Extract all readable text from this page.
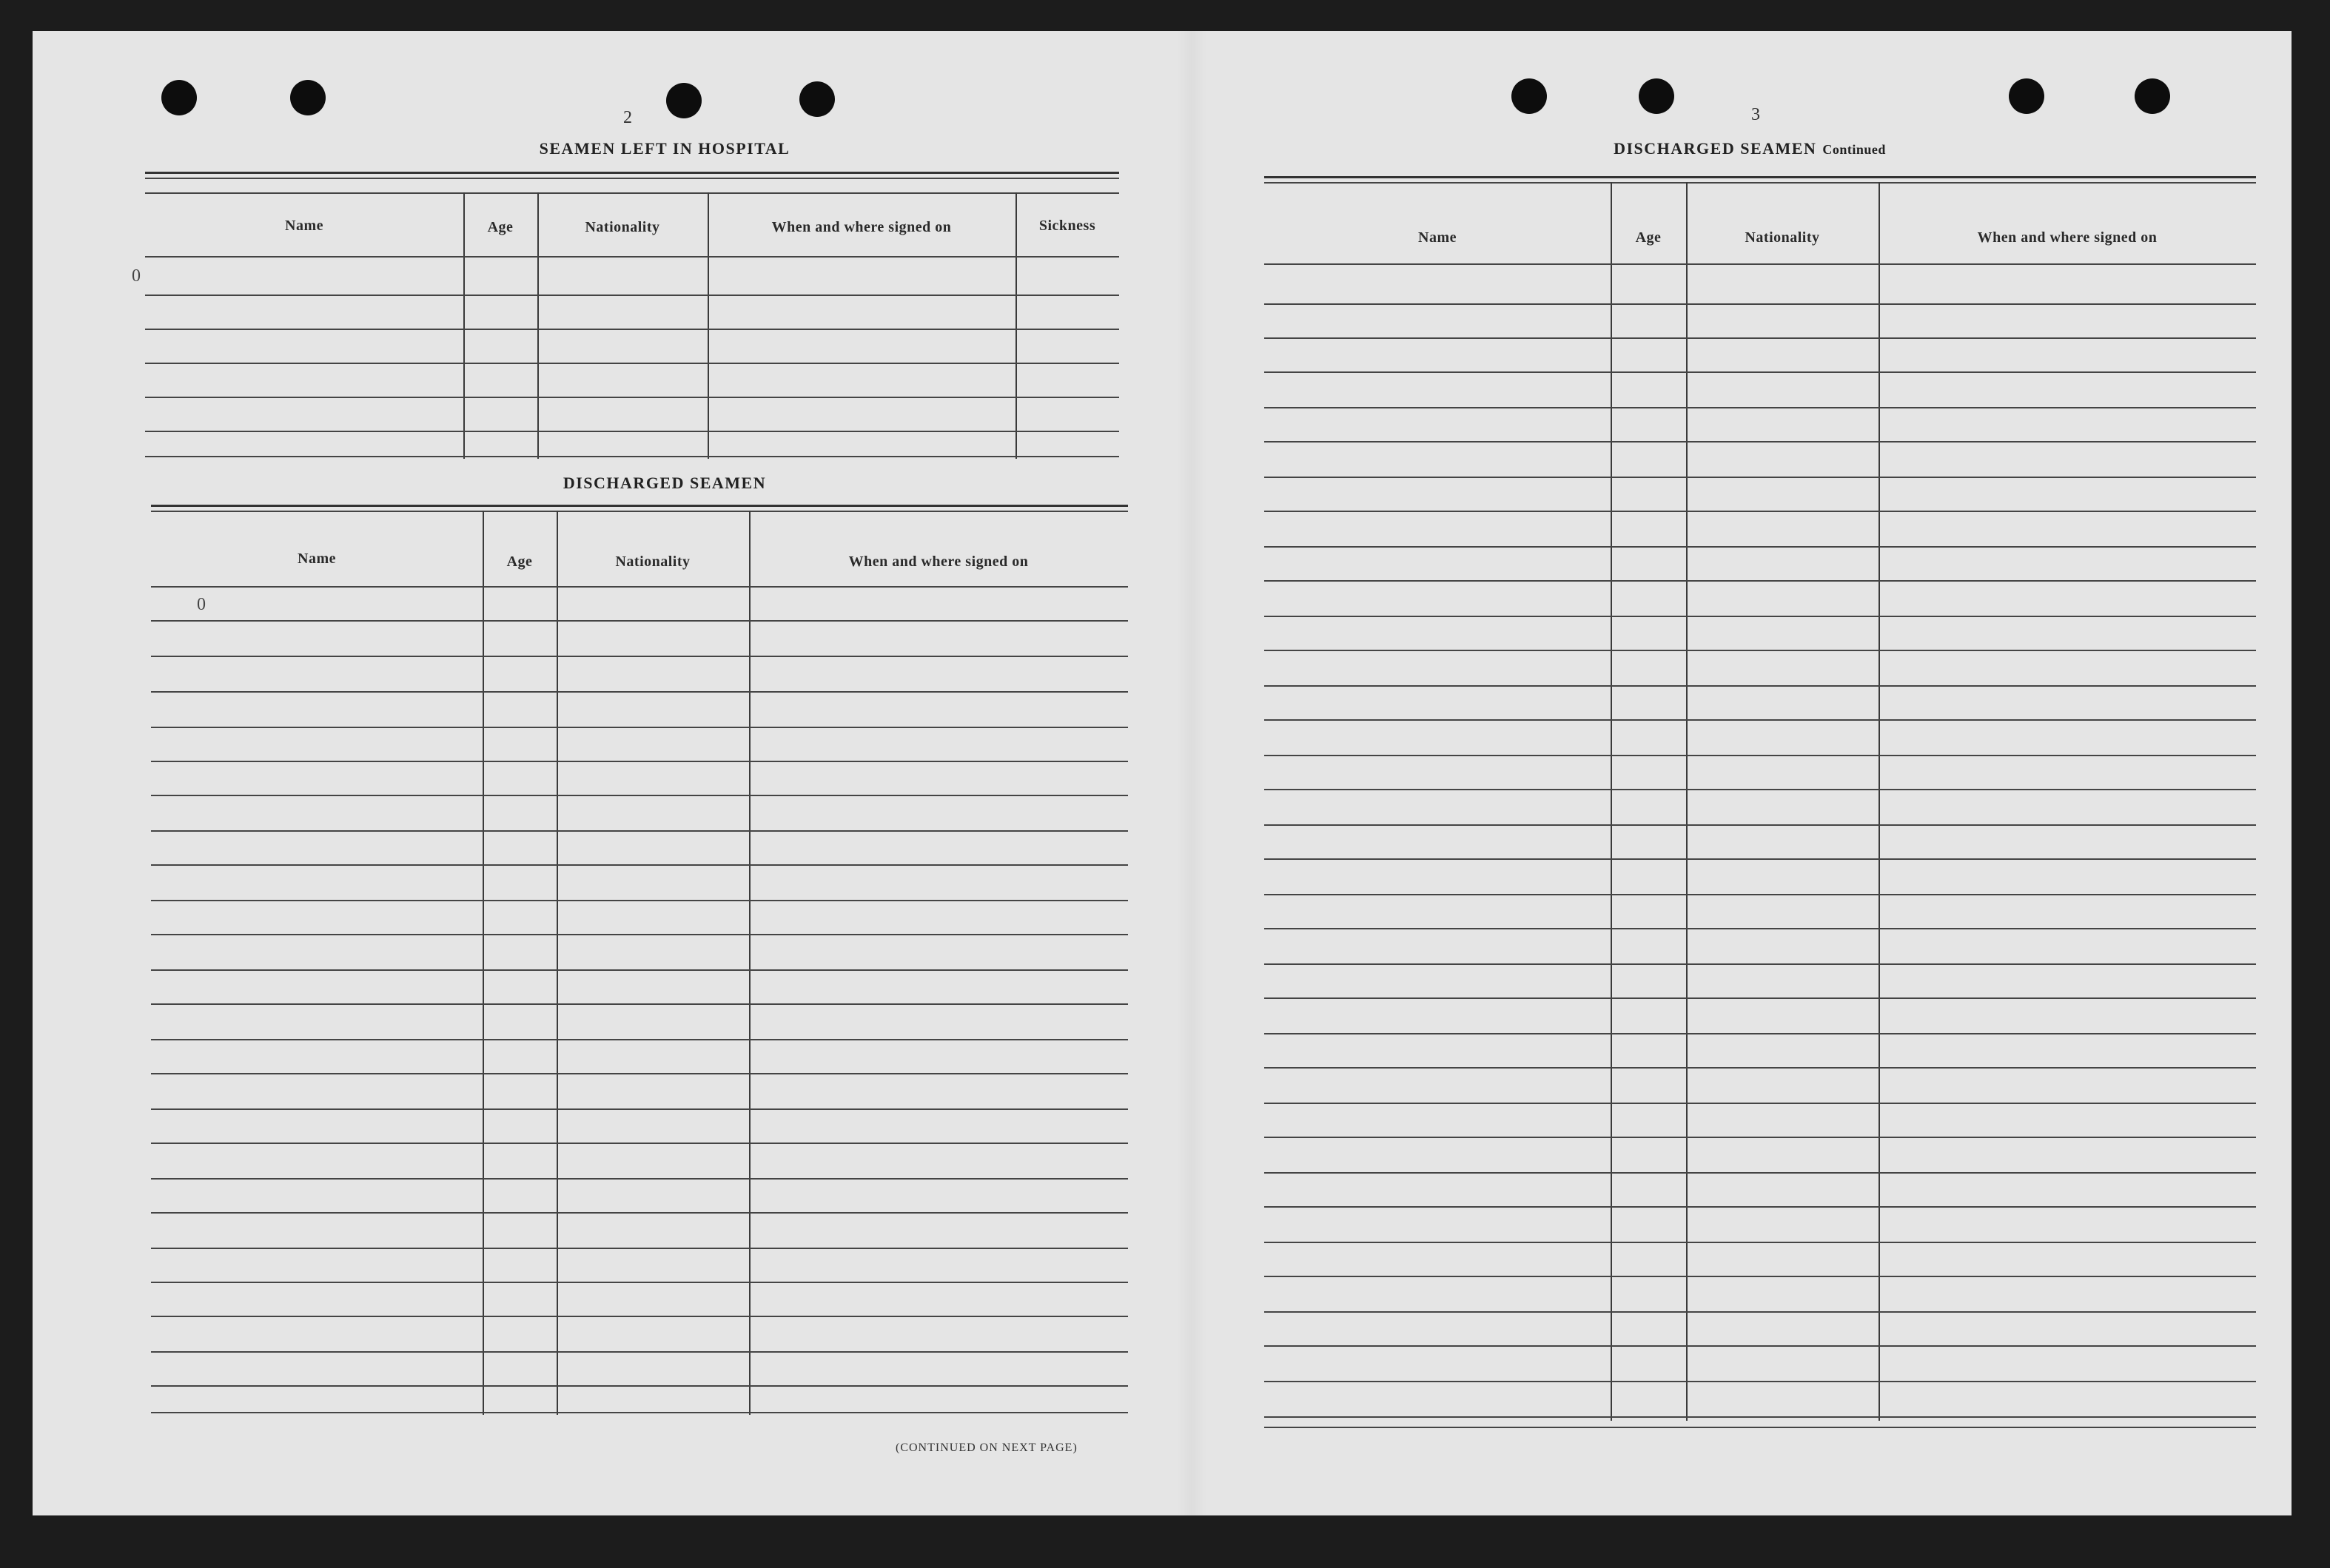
2
SEAMEN LEFT IN HOSPITAL
Name	Age	Nationality	When and where signed on	Sickness
0
DISCHARGED SEAMEN
Name	Age	Nationality	When and where signed on
0
(CONTINUED ON NEXT PAGE)
3
DISCHARGED SEAMEN Continued
Name	Age	Nationality	When and where signed on
